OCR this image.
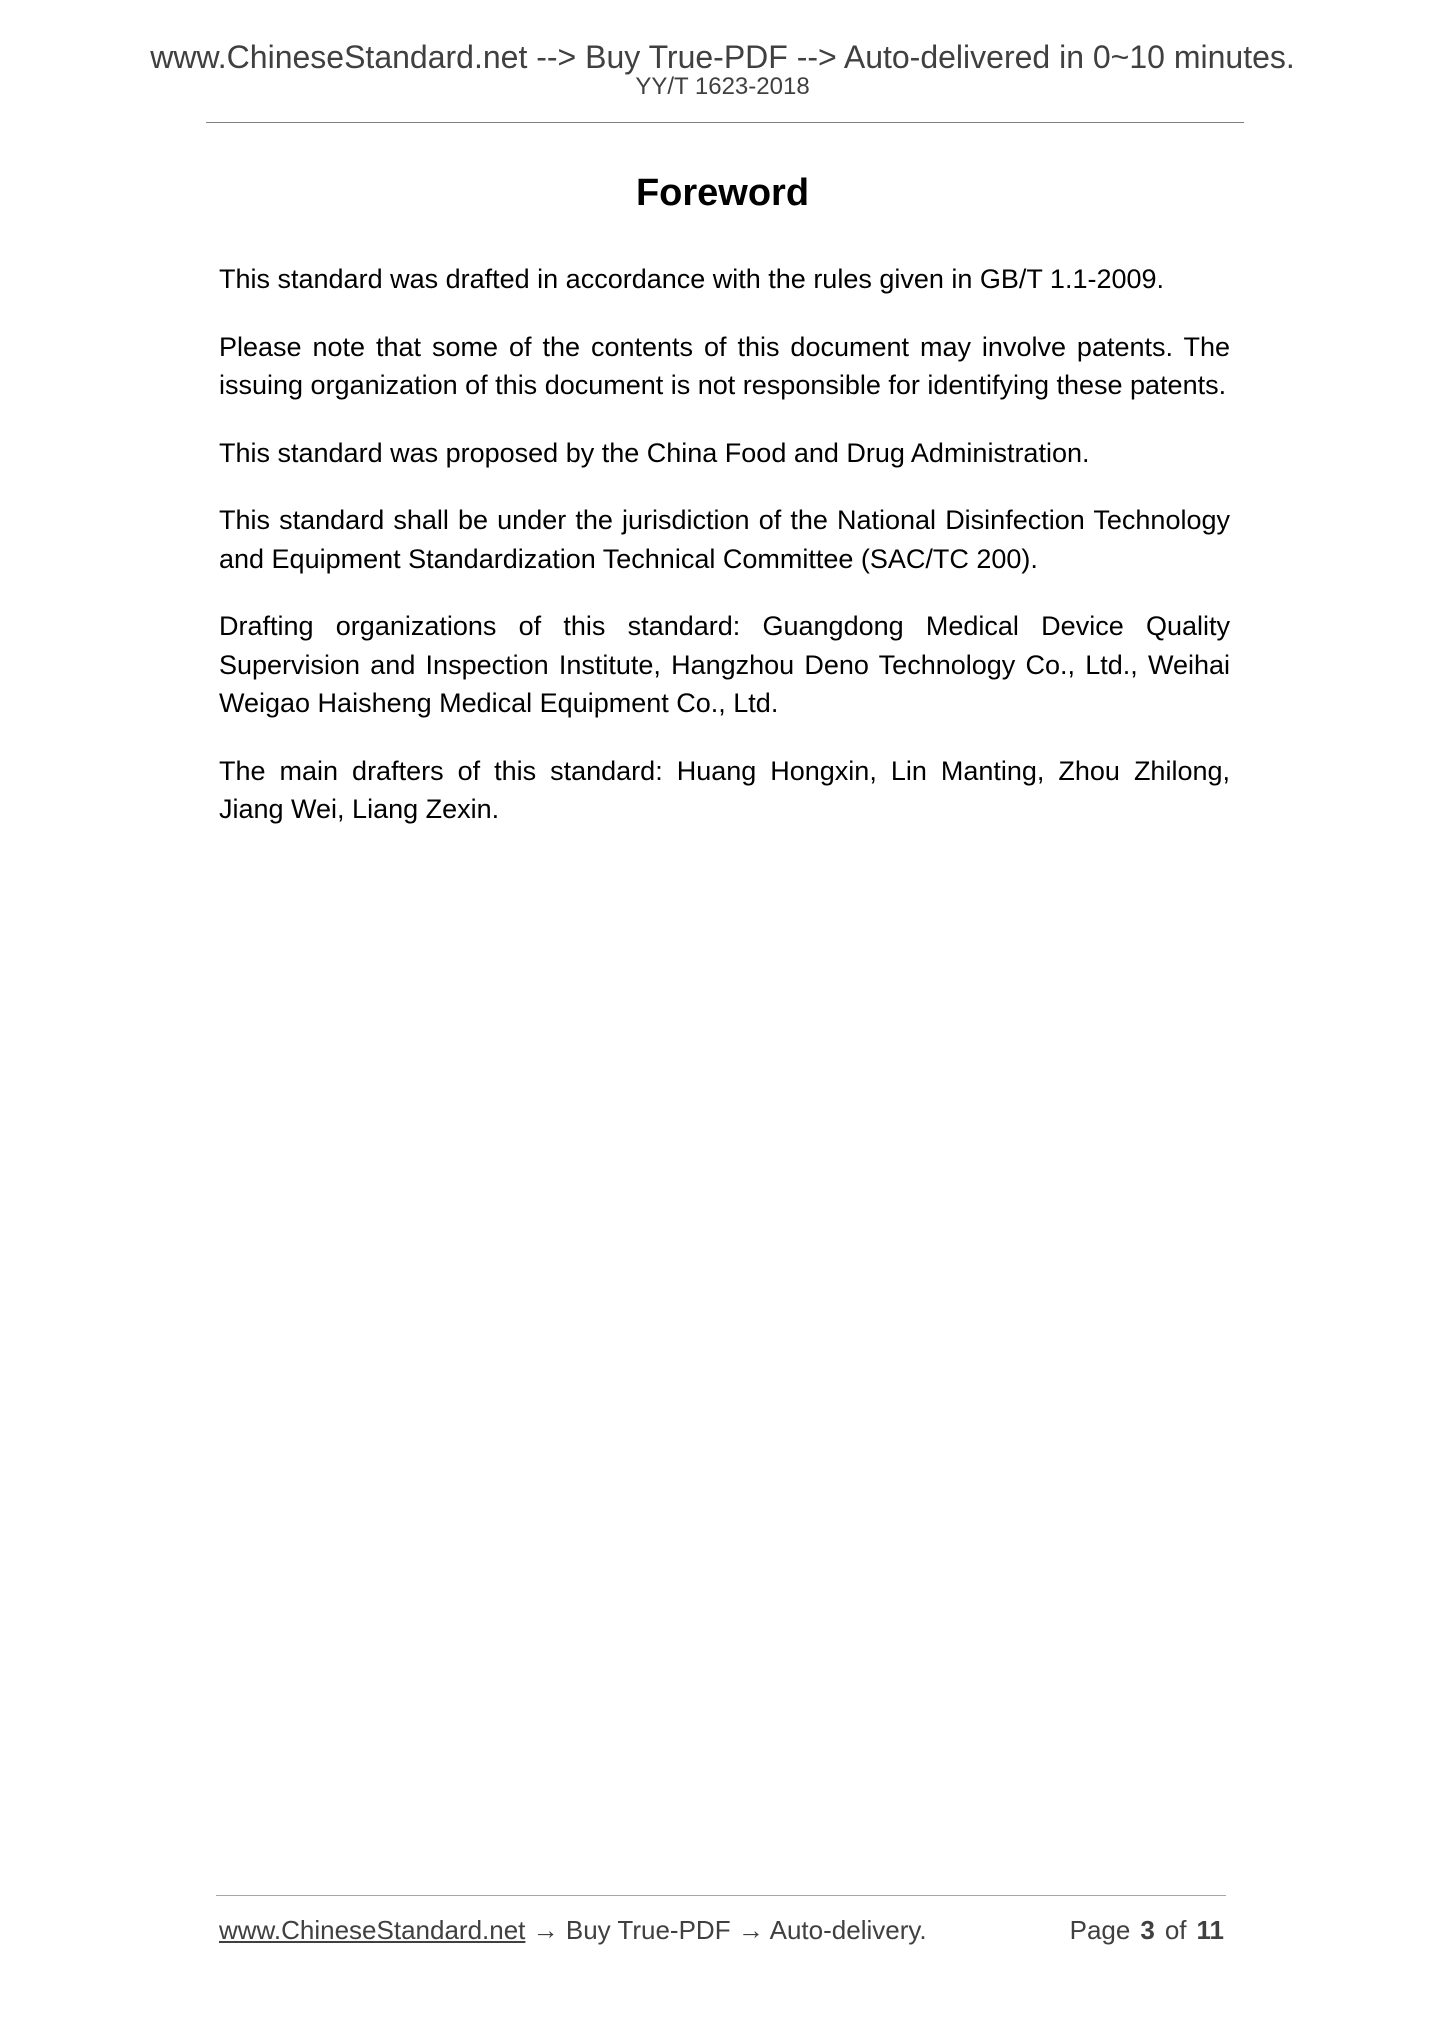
www.ChineseStandard.net --> Buy True-PDF --> Auto-delivered in 0~10 minutes.
YY/T 1623-2018
Foreword

This standard was drafted in accordance with the rules given in GB/T 1.1-2009.

Please note that some of the contents of this document may involve patents. The issuing organization of this document is not responsible for identifying these patents.

This standard was proposed by the China Food and Drug Administration.

This standard shall be under the jurisdiction of the National Disinfection Technology and Equipment Standardization Technical Committee (SAC/TC 200).

Drafting organizations of this standard: Guangdong Medical Device Quality Supervision and Inspection Institute, Hangzhou Deno Technology Co., Ltd., Weihai Weigao Haisheng Medical Equipment Co., Ltd.

The main drafters of this standard: Huang Hongxin, Lin Manting, Zhou Zhilong, Jiang Wei, Liang Zexin.

www.ChineseStandard.net → Buy True-PDF → Auto-delivery.	Page 3 of 11
